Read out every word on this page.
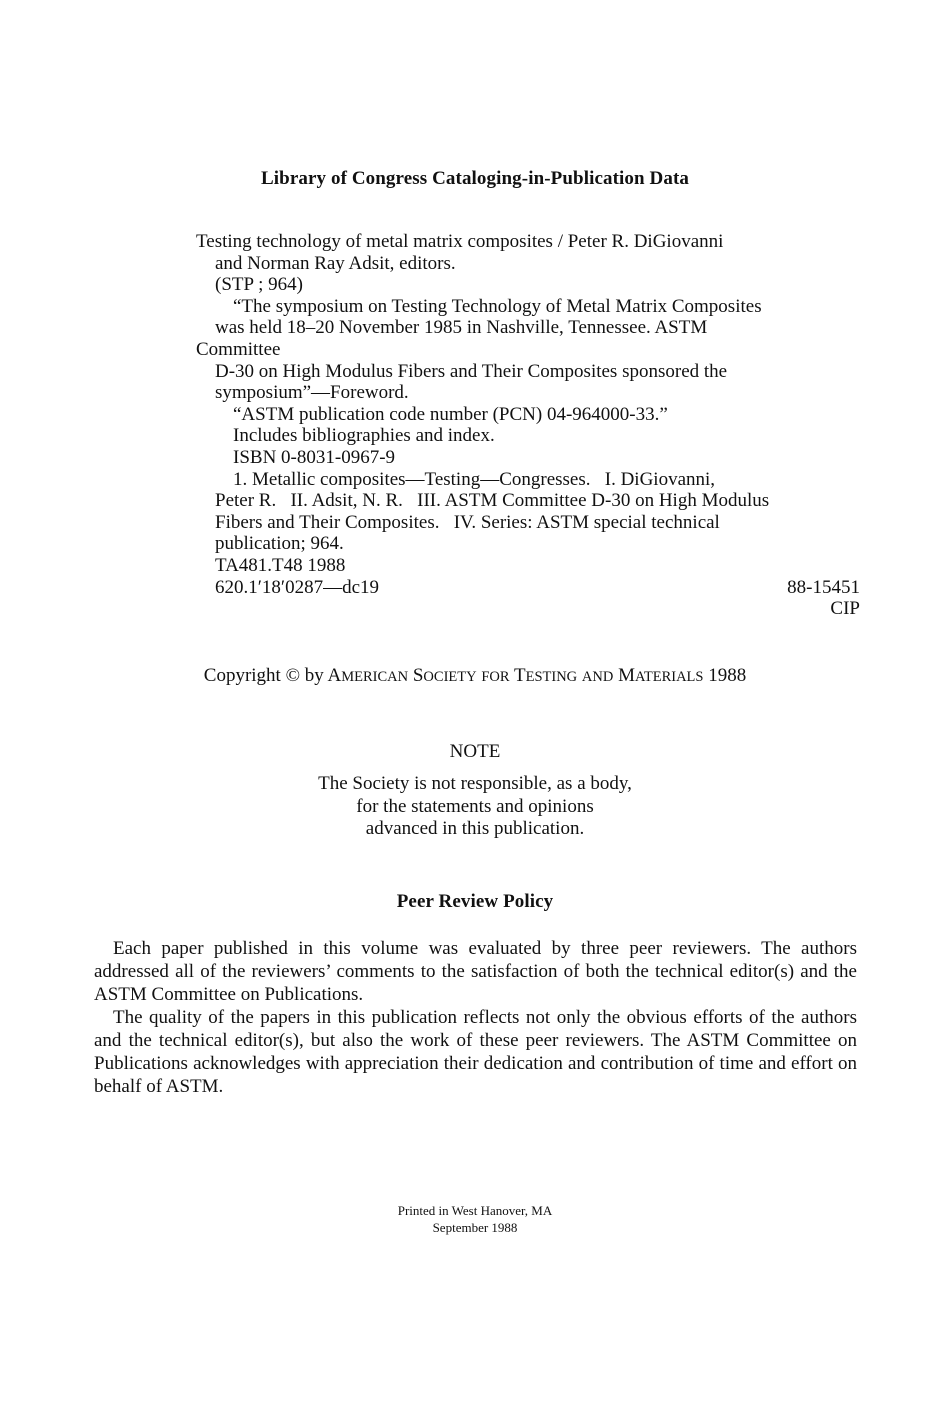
Library of Congress Cataloging-in-Publication Data
Testing technology of metal matrix composites / Peter R. DiGiovanni
and Norman Ray Adsit, editors.
(STP ; 964)
“The symposium on Testing Technology of Metal Matrix Composites
was held 18–20 November 1985 in Nashville, Tennessee. ASTM
Committee
D-30 on High Modulus Fibers and Their Composites sponsored the
symposium”—Foreword.
“ASTM publication code number (PCN) 04-964000-33.”
Includes bibliographies and index.
ISBN 0-8031-0967-9
1. Metallic composites—Testing—Congresses.   I. DiGiovanni,
Peter R.   II. Adsit, N. R.   III. ASTM Committee D-30 on High Modulus
Fibers and Their Composites.   IV. Series: ASTM special technical
publication; 964.
TA481.T48 1988
620.1′18′0287—dc19	88-15451
CIP
Copyright © by AMERICAN SOCIETY FOR TESTING AND MATERIALS 1988
NOTE
The Society is not responsible, as a body,
for the statements and opinions
advanced in this publication.
Peer Review Policy

Each paper published in this volume was evaluated by three peer reviewers. The authors addressed all of the reviewers’ comments to the satisfaction of both the technical editor(s) and the ASTM Committee on Publications.

The quality of the papers in this publication reflects not only the obvious efforts of the authors and the technical editor(s), but also the work of these peer reviewers. The ASTM Committee on Publications acknowledges with appreciation their dedication and contribution of time and effort on behalf of ASTM.

Printed in West Hanover, MA
September 1988
